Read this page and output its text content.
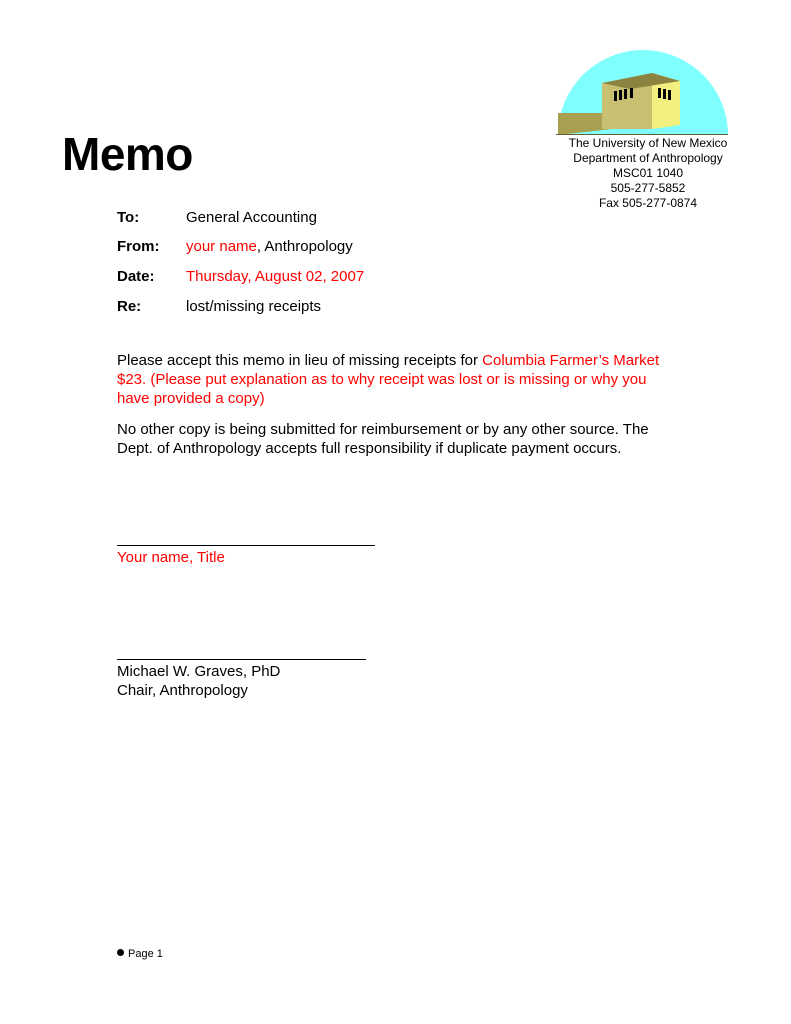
The University of New Mexico
Department of Anthropology
MSC01 1040
505-277-5852
Fax 505-277-0874
Memo
To:	General Accounting
From: your name, Anthropology
Date: Thursday, August 02, 2007
Re:	lost/missing receipts
Please accept this memo in lieu of missing receipts for Columbia Farmer’s Market
$23. (Please put explanation as to why receipt was lost or is missing or why you
have provided a copy)
No other copy is being submitted for reimbursement or by any other source. The
Dept. of Anthropology accepts full responsibility if duplicate payment occurs.
Your name, Title
Michael W. Graves, PhD
Chair, Anthropology
Page 1
